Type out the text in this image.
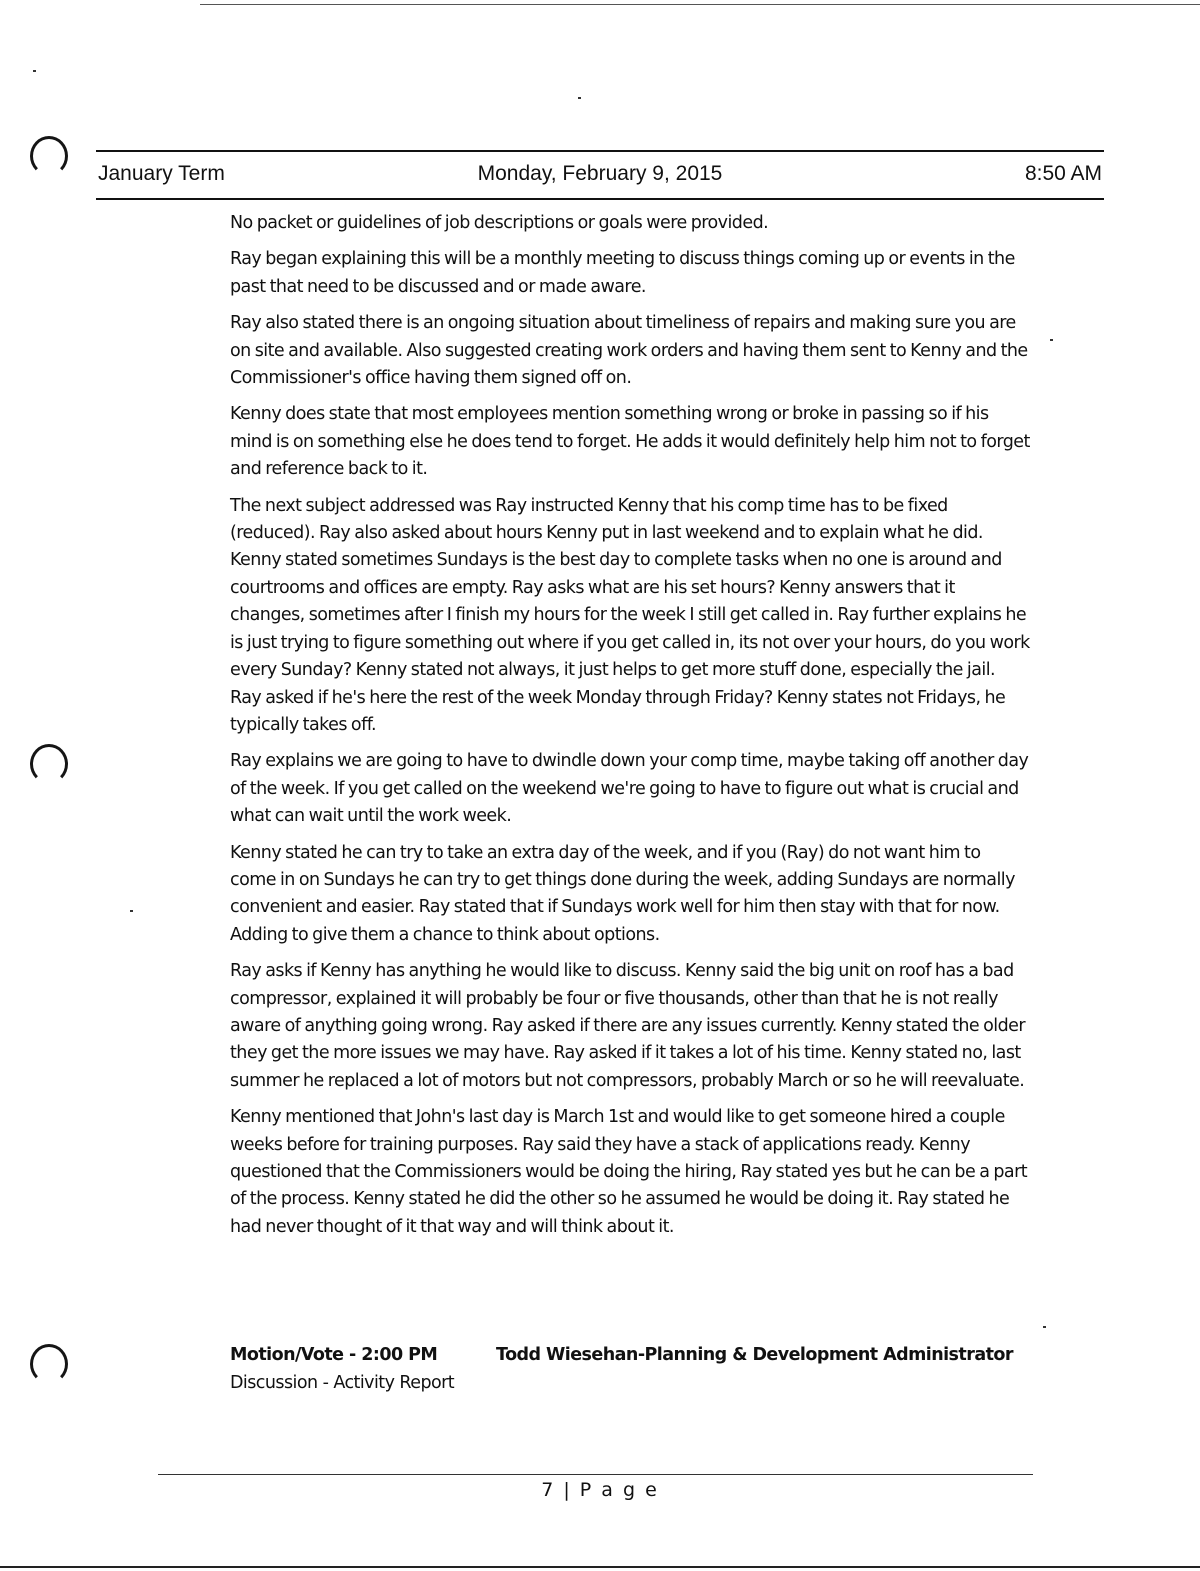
January Term	Monday, February 9, 2015	8:50 AM

No packet or guidelines of job descriptions or goals were provided.

Ray began explaining this will be a monthly meeting to discuss things coming up or events in the past that need to be discussed and or made aware.

Ray also stated there is an ongoing situation about timeliness of repairs and making sure you are on site and available. Also suggested creating work orders and having them sent to Kenny and the Commissioner's office having them signed off on.

Kenny does state that most employees mention something wrong or broke in passing so if his mind is on something else he does tend to forget. He adds it would definitely help him not to forget and reference back to it.

The next subject addressed was Ray instructed Kenny that his comp time has to be fixed (reduced). Ray also asked about hours Kenny put in last weekend and to explain what he did. Kenny stated sometimes Sundays is the best day to complete tasks when no one is around and courtrooms and offices are empty. Ray asks what are his set hours? Kenny answers that it changes, sometimes after I finish my hours for the week I still get called in. Ray further explains he is just trying to figure something out where if you get called in, its not over your hours, do you work every Sunday? Kenny stated not always, it just helps to get more stuff done, especially the jail. Ray asked if he's here the rest of the week Monday through Friday? Kenny states not Fridays, he typically takes off.

Ray explains we are going to have to dwindle down your comp time, maybe taking off another day of the week. If you get called on the weekend we're going to have to figure out what is crucial and what can wait until the work week.

Kenny stated he can try to take an extra day of the week, and if you (Ray) do not want him to come in on Sundays he can try to get things done during the week, adding Sundays are normally convenient and easier. Ray stated that if Sundays work well for him then stay with that for now. Adding to give them a chance to think about options.

Ray asks if Kenny has anything he would like to discuss. Kenny said the big unit on roof has a bad compressor, explained it will probably be four or five thousands, other than that he is not really aware of anything going wrong. Ray asked if there are any issues currently. Kenny stated the older they get the more issues we may have. Ray asked if it takes a lot of his time. Kenny stated no, last summer he replaced a lot of motors but not compressors, probably March or so he will reevaluate.

Kenny mentioned that John's last day is March 1st and would like to get someone hired a couple weeks before for training purposes. Ray said they have a stack of applications ready. Kenny questioned that the Commissioners would be doing the hiring, Ray stated yes but he can be a part of the process. Kenny stated he did the other so he assumed he would be doing it. Ray stated he had never thought of it that way and will think about it.

Motion/Vote - 2:00 PM	Todd Wiesehan-Planning & Development Administrator
Discussion - Activity Report
7 | P a g e
